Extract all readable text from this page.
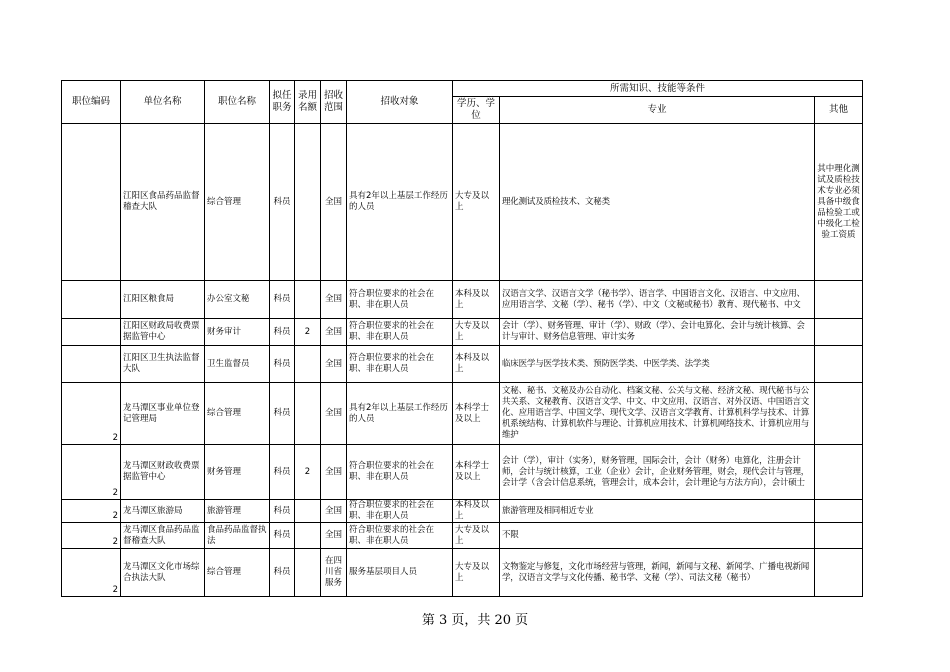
职位编码	单位名称	职位名称	拟任职务	录用名额	招收范围	招收对象	所需知识、技能等条件		
							学历、学位	专业	其他
	江阳区食品药品监督稽查大队	综合管理	科员		全国	具有2年以上基层工作经历的人员	大专及以上	理化测试及质检技术、文秘类	其中理化测试及质检技术专业必须具备中级食品检验工或中级化工检验工资质
	江阳区粮食局	办公室文秘	科员		全国	符合职位要求的社会在职、非在职人员	本科及以上	汉语言文学、汉语言文学（秘书学）、语言学、中国语言文化、汉语言、中文应用、应用语言学、文秘（学）、秘书（学）、中文（文秘或秘书）教育、现代秘书、中文	
	江阳区财政局收费票据监管中心	财务审计	科员	2	全国	符合职位要求的社会在职、非在职人员	大专及以上	会计（学）、财务管理、审计（学）、财政（学）、会计电算化、会计与统计核算、会计与审计、财务信息管理、审计实务	
	江阳区卫生执法监督大队	卫生监督员	科员		全国	符合职位要求的社会在职、非在职人员	本科及以上	临床医学与医学技术类、预防医学类、中医学类、法学类	
2	龙马潭区事业单位登记管理局	综合管理	科员		全国	具有2年以上基层工作经历的人员	本科学士及以上	文秘、秘书、文秘及办公自动化、档案文秘、公关与文秘、经济文秘、现代秘书与公共关系、文秘教育、汉语言文学、中文、中文应用、汉语言、对外汉语、中国语言文化、应用语言学、中国文学、现代文学、汉语言文学教育、计算机科学与技术、计算机系统结构、计算机软件与理论、计算机应用技术、计算机网络技术、计算机应用与维护	
2	龙马潭区财政收费票据监管中心	财务管理	科员	2	全国	符合职位要求的社会在职、非在职人员	本科学士及以上	会计（学），审计（实务），财务管理，国际会计，会计（财务）电算化，注册会计师，会计与统计核算，工业（企业）会计，企业财务管理，财会，现代会计与管理，会计学（含会计信息系统，管理会计，成本会计，会计理论与方法方向），会计硕士	
2	龙马潭区旅游局	旅游管理	科员		全国	符合职位要求的社会在职、非在职人员	本科及以上	旅游管理及相同相近专业	
2	龙马潭区食品药品监督稽查大队	食品药品监督执法	科员		全国	符合职位要求的社会在职、非在职人员	大专及以上	不限	
2	龙马潭区文化市场综合执法大队	综合管理	科员		在四川省服务	服务基层项目人员	大专及以上	文物鉴定与修复，文化市场经营与管理，新闻，新闻与文秘、新闻学、广播电视新闻学，汉语言文学与文化传播、秘书学、文秘（学）、司法文秘（秘书）	
第 3 页，共 20 页
